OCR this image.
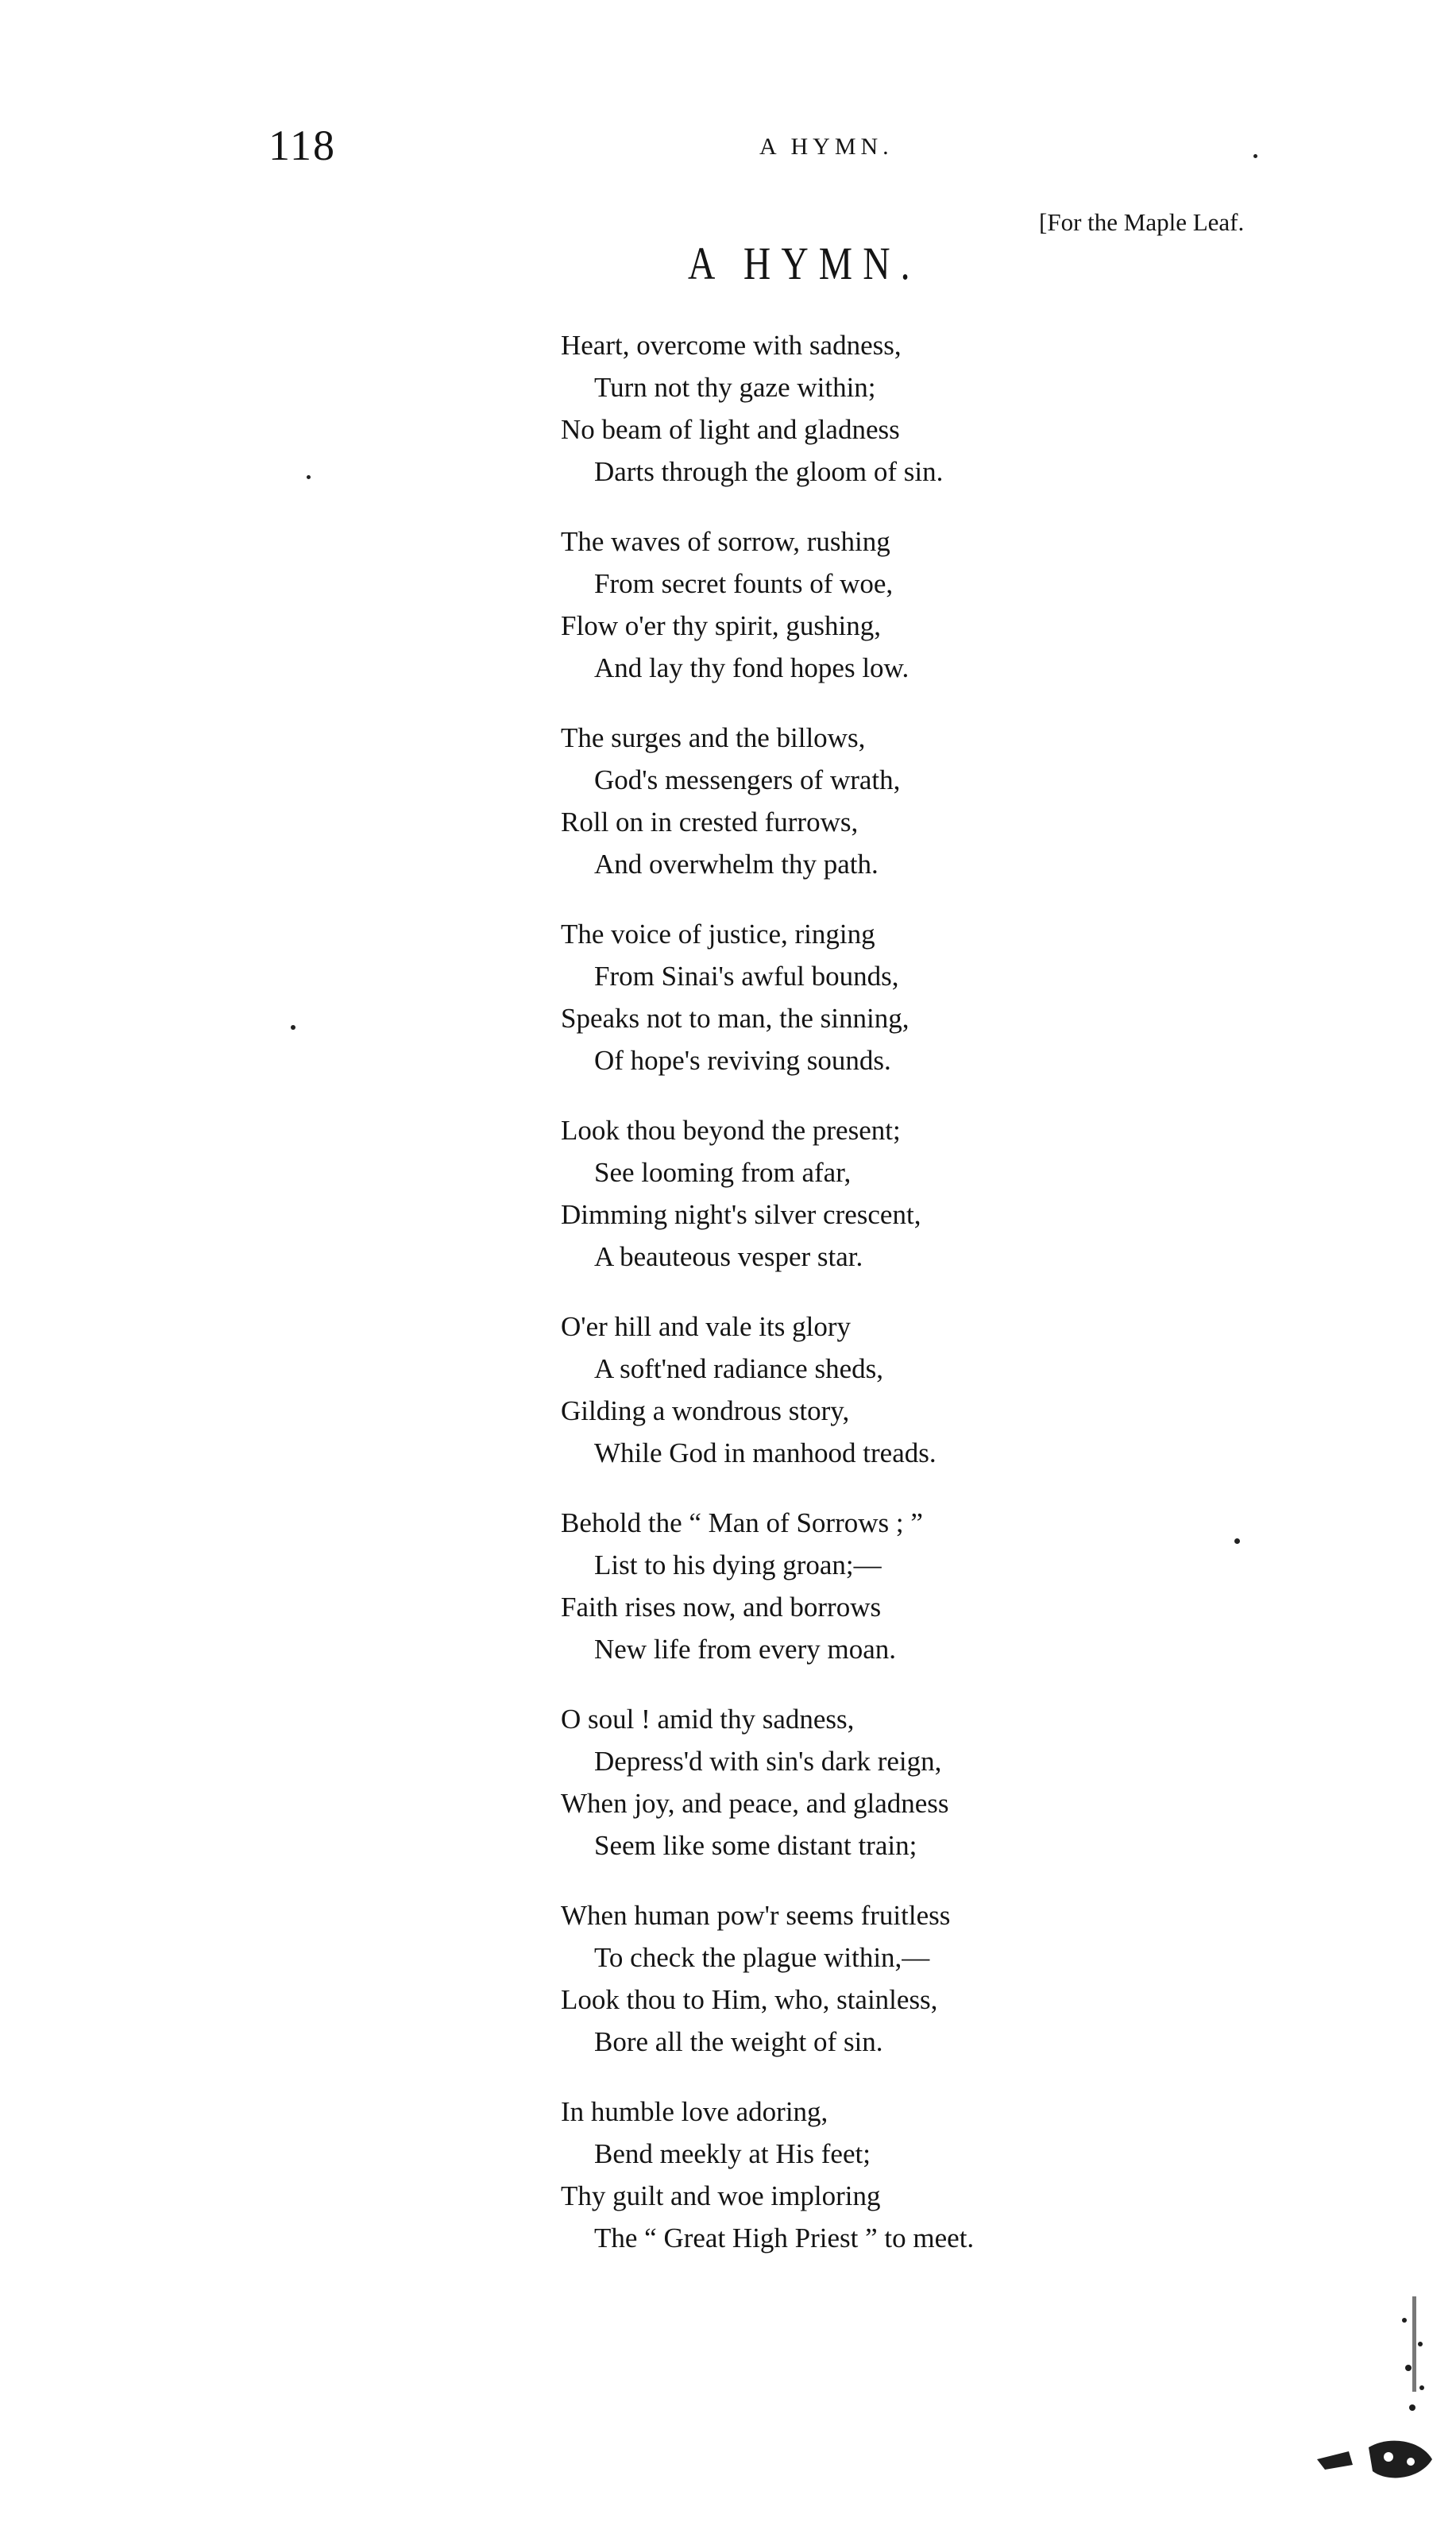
118	A HYMN.
[For the Maple Leaf.
A HYMN.
Heart, overcome with sadness,
Turn not thy gaze within;
No beam of light and gladness
Darts through the gloom of sin.
The waves of sorrow, rushing
From secret founts of woe,
Flow o'er thy spirit, gushing,
And lay thy fond hopes low.
The surges and the billows,
God's messengers of wrath,
Roll on in crested furrows,
And overwhelm thy path.
The voice of justice, ringing
From Sinai's awful bounds,
Speaks not to man, the sinning,
Of hope's reviving sounds.
Look thou beyond the present;
See looming from afar,
Dimming night's silver crescent,
A beauteous vesper star.
O'er hill and vale its glory
A soft'ned radiance sheds,
Gilding a wondrous story,
While God in manhood treads.
Behold the “ Man of Sorrows ; ”
List to his dying groan;—
Faith rises now, and borrows
New life from every moan.
O soul ! amid thy sadness,
Depress'd with sin's dark reign,
When joy, and peace, and gladness
Seem like some distant train;
When human pow'r seems fruitless
To check the plague within,—
Look thou to Him, who, stainless,
Bore all the weight of sin.
In humble love adoring,
Bend meekly at His feet;
Thy guilt and woe imploring
The “ Great High Priest ” to meet.
